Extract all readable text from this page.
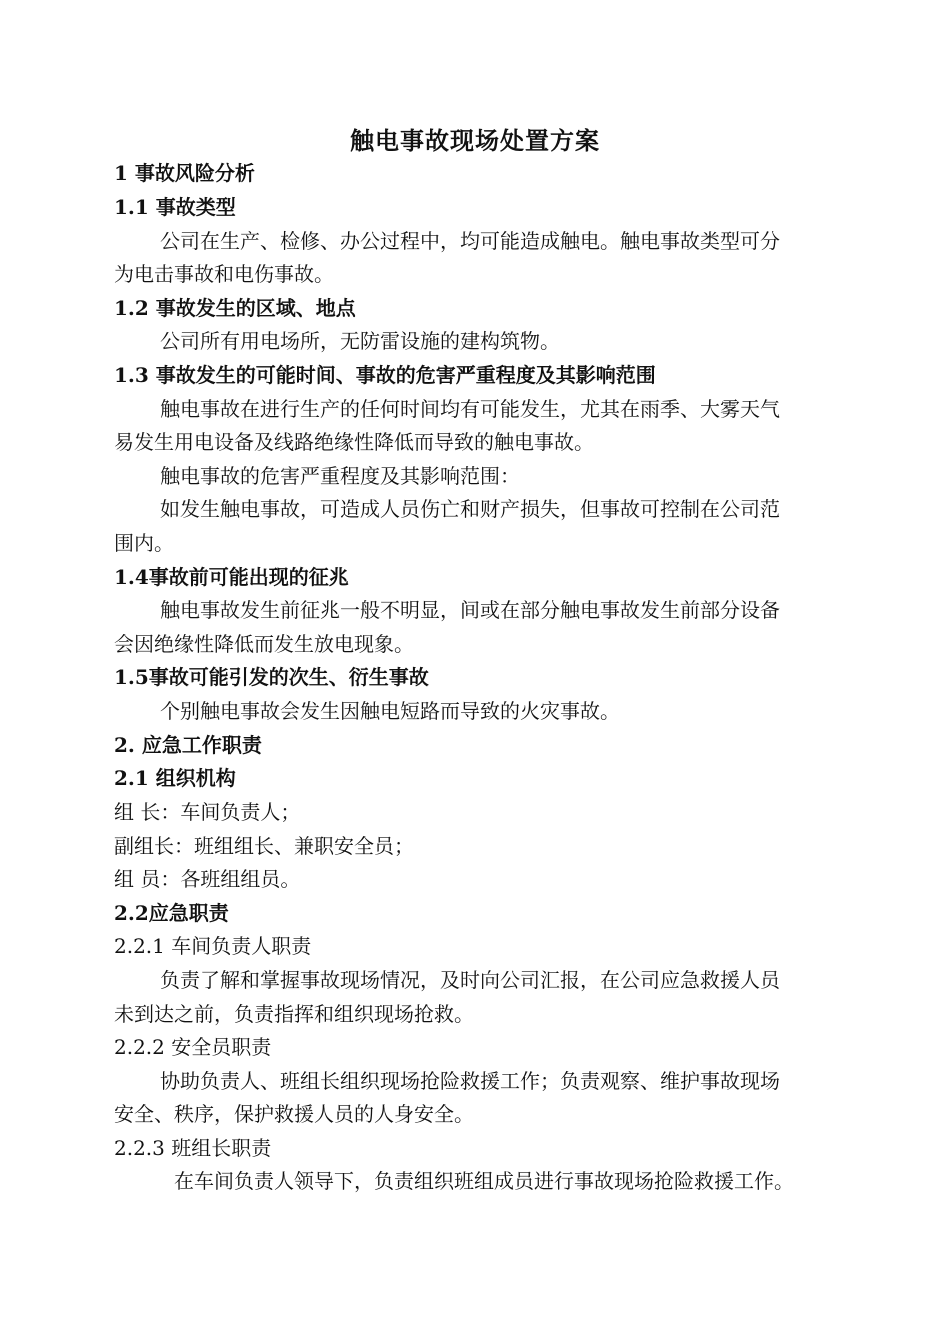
触电事故现场处置方案
1 事故风险分析
1.1 事故类型
公司在生产、检修、办公过程中，均可能造成触电。触电事故类型可分
为电击事故和电伤事故。
1.2 事故发生的区域、地点
公司所有用电场所，无防雷设施的建构筑物。
1.3 事故发生的可能时间、事故的危害严重程度及其影响范围
触电事故在进行生产的任何时间均有可能发生，尤其在雨季、大雾天气
易发生用电设备及线路绝缘性降低而导致的触电事故。
触电事故的危害严重程度及其影响范围：
如发生触电事故，可造成人员伤亡和财产损失，但事故可控制在公司范
围内。
1.4事故前可能出现的征兆
触电事故发生前征兆一般不明显，间或在部分触电事故发生前部分设备
会因绝缘性降低而发生放电现象。
1.5事故可能引发的次生、衍生事故
个别触电事故会发生因触电短路而导致的火灾事故。
2. 应急工作职责
2.1 组织机构
组 长：车间负责人；
副组长：班组组长、兼职安全员；
组 员：各班组组员。
2.2应急职责
2.2.1 车间负责人职责
负责了解和掌握事故现场情况，及时向公司汇报，在公司应急救援人员
未到达之前，负责指挥和组织现场抢救。
2.2.2 安全员职责
协助负责人、班组长组织现场抢险救援工作；负责观察、维护事故现场
安全、秩序，保护救援人员的人身安全。
2.2.3 班组长职责
在车间负责人领导下，负责组织班组成员进行事故现场抢险救援工作。
